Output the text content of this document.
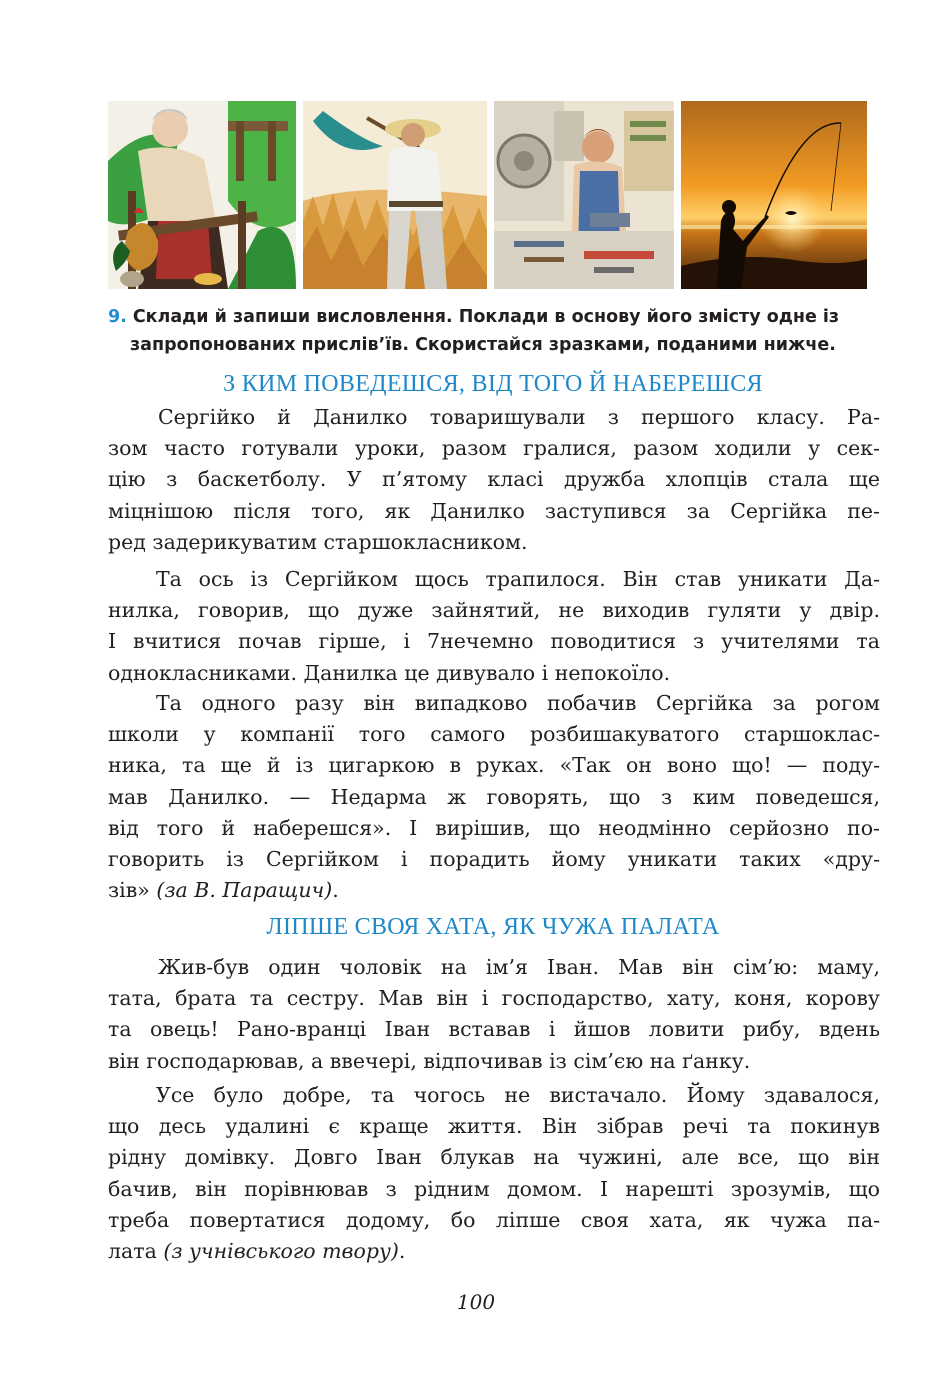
9. Склади й запиши висловлення. Поклади в основу його змісту одне із
запропонованих прислів’їв. Скористайся зразками, поданими нижче.
З КИМ ПОВЕДЕШСЯ, ВІД ТОГО Й НАБЕРЕШСЯ
Сергійко й Данилко товаришували з першого класу. Ра-
зом часто готували уроки, разом гралися, разом ходили у сек-
цію з баскетболу. У п’ятому класі дружба хлопців стала ще
міцнішою після того, як Данилко заступився за Сергійка пе-
ред задерикуватим старшокласником.
Та ось із Сергійком щось трапилося. Він став уникати Да-
нилка, говорив, що дуже зайнятий, не виходив гуляти у двір.
І вчитися почав гірше, і 7нечемно поводитися з учителями та
однокласниками. Данилка це дивувало і непокоїло.
Та одного разу він випадково побачив Сергійка за рогом
школи у компанії того самого розбишакуватого старшоклас-
ника, та ще й із цигаркою в руках. «Так он воно що! — поду-
мав Данилко. — Недарма ж говорять, що з ким поведешся,
від того й наберешся». І вирішив, що неодмінно серйозно по-
говорить із Сергійком і порадить йому уникати таких «дру-
зів» (за В. Паращич).
ЛІПШЕ СВОЯ ХАТА, ЯК ЧУЖА ПАЛАТА
Жив-був один чоловік на ім’я Іван. Мав він сім’ю: маму,
тата, брата та сестру. Мав він і господарство, хату, коня, корову
та овець! Рано-вранці Іван вставав і йшов ловити рибу, вдень
він господарював, а ввечері, відпочивав із сім’єю на ґанку.
Усе було добре, та чогось не вистачало. Йому здавалося,
що десь удалині є краще життя. Він зібрав речі та покинув
рідну домівку. Довго Іван блукав на чужині, але все, що він
бачив, він порівнював з рідним домом. І нарешті зрозумів, що
треба повертатися додому, бо ліпше своя хата, як чужа па-
лата (з учнівського твору).
100
